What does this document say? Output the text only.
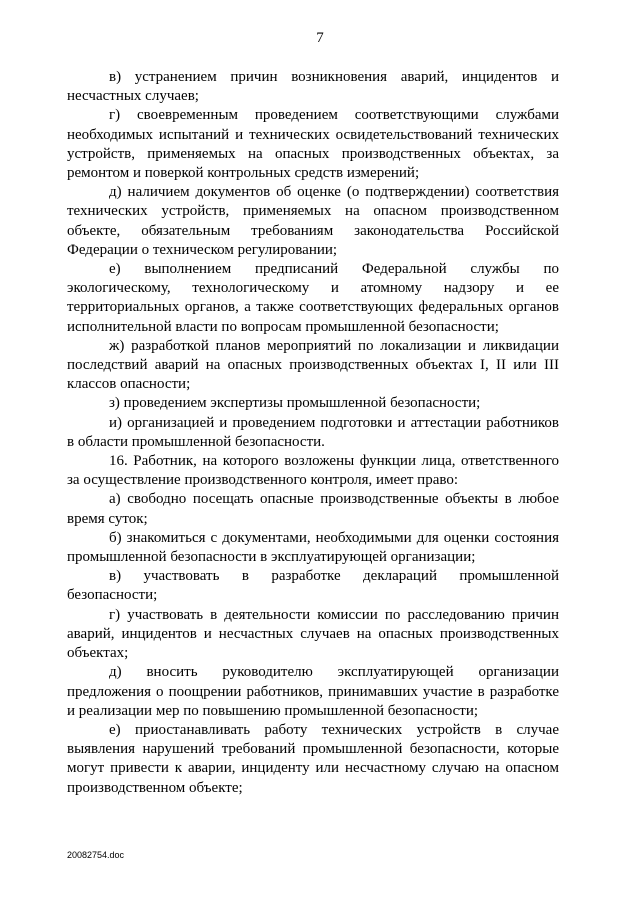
7

в) устранением причин возникновения аварий, инцидентов и несчастных случаев;

г) своевременным проведением соответствующими службами необходимых испытаний и технических освидетельствований технических устройств, применяемых на опасных производственных объектах, за ремонтом и поверкой контрольных средств измерений;

д) наличием документов об оценке (о подтверждении) соответствия технических устройств, применяемых на опасном производственном объекте, обязательным требованиям законодательства Российской Федерации о техническом регулировании;

е) выполнением предписаний Федеральной службы по экологическому, технологическому и атомному надзору и ее территориальных органов, а также соответствующих федеральных органов исполнительной власти по вопросам промышленной безопасности;

ж) разработкой планов мероприятий по локализации и ликвидации последствий аварий на опасных производственных объектах I, II или III классов опасности;

з) проведением экспертизы промышленной безопасности;

и) организацией и проведением подготовки и аттестации работников в области промышленной безопасности.

16. Работник, на которого возложены функции лица, ответственного за осуществление производственного контроля, имеет право:

а) свободно посещать опасные производственные объекты в любое время суток;

б) знакомиться с документами, необходимыми для оценки состояния промышленной безопасности в эксплуатирующей организации;

в) участвовать в разработке деклараций промышленной безопасности;

г) участвовать в деятельности комиссии по расследованию причин аварий, инцидентов и несчастных случаев на опасных производственных объектах;

д) вносить руководителю эксплуатирующей организации предложения о поощрении работников, принимавших участие в разработке и реализации мер по повышению промышленной безопасности;

е) приостанавливать работу технических устройств в случае выявления нарушений требований промышленной безопасности, которые могут привести к аварии, инциденту или несчастному случаю на опасном производственном объекте;

20082754.doc
